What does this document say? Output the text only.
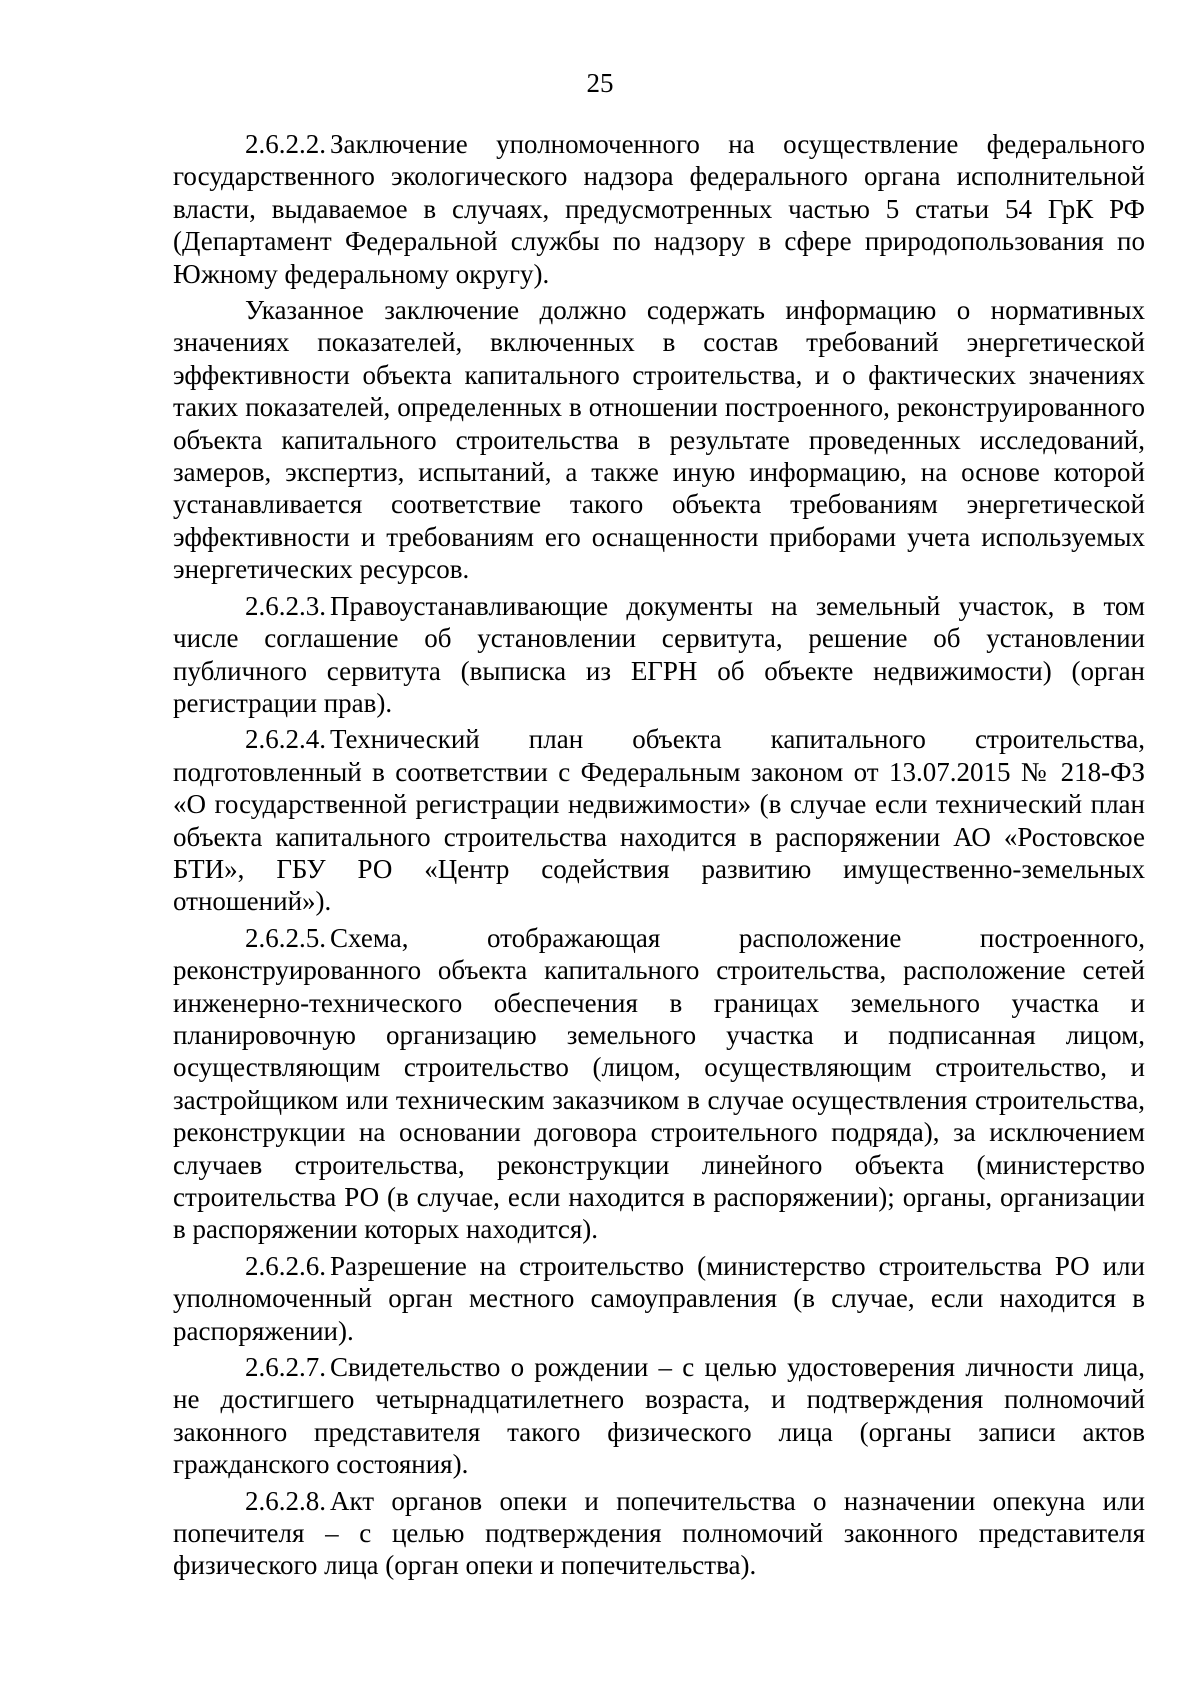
25

2.6.2.2. Заключение уполномоченного на осуществление федерального государственного экологического надзора федерального органа исполнительной власти, выдаваемое в случаях, предусмотренных частью 5 статьи 54 ГрК РФ (Департамент Федеральной службы по надзору в сфере природопользования по Южному федеральному округу).

Указанное заключение должно содержать информацию о нормативных значениях показателей, включенных в состав требований энергетической эффективности объекта капитального строительства, и о фактических значениях таких показателей, определенных в отношении построенного, реконструированного объекта капитального строительства в результате проведенных исследований, замеров, экспертиз, испытаний, а также иную информацию, на основе которой устанавливается соответствие такого объекта требованиям энергетической эффективности и требованиям его оснащенности приборами учета используемых энергетических ресурсов.

2.6.2.3. Правоустанавливающие документы на земельный участок, в том числе соглашение об установлении сервитута, решение об установлении публичного сервитута (выписка из ЕГРН об объекте недвижимости) (орган регистрации прав).

2.6.2.4. Технический план объекта капитального строительства, подготовленный в соответствии с Федеральным законом от 13.07.2015 № 218-ФЗ «О государственной регистрации недвижимости» (в случае если технический план объекта капитального строительства находится в распоряжении АО «Ростовское БТИ», ГБУ РО «Центр содействия развитию имущественно-земельных отношений»).

2.6.2.5. Схема, отображающая расположение построенного, реконструированного объекта капитального строительства, расположение сетей инженерно-технического обеспечения в границах земельного участка и планировочную организацию земельного участка и подписанная лицом, осуществляющим строительство (лицом, осуществляющим строительство, и застройщиком или техническим заказчиком в случае осуществления строительства, реконструкции на основании договора строительного подряда), за исключением случаев строительства, реконструкции линейного объекта (министерство строительства РО (в случае, если находится в распоряжении); органы, организации в распоряжении которых находится).

2.6.2.6. Разрешение на строительство (министерство строительства РО или уполномоченный орган местного самоуправления (в случае, если находится в распоряжении).

2.6.2.7. Свидетельство о рождении – с целью удостоверения личности лица, не достигшего четырнадцатилетнего возраста, и подтверждения полномочий законного представителя такого физического лица (органы записи актов гражданского состояния).

2.6.2.8. Акт органов опеки и попечительства о назначении опекуна или попечителя – с целью подтверждения полномочий законного представителя физического лица (орган опеки и попечительства).
